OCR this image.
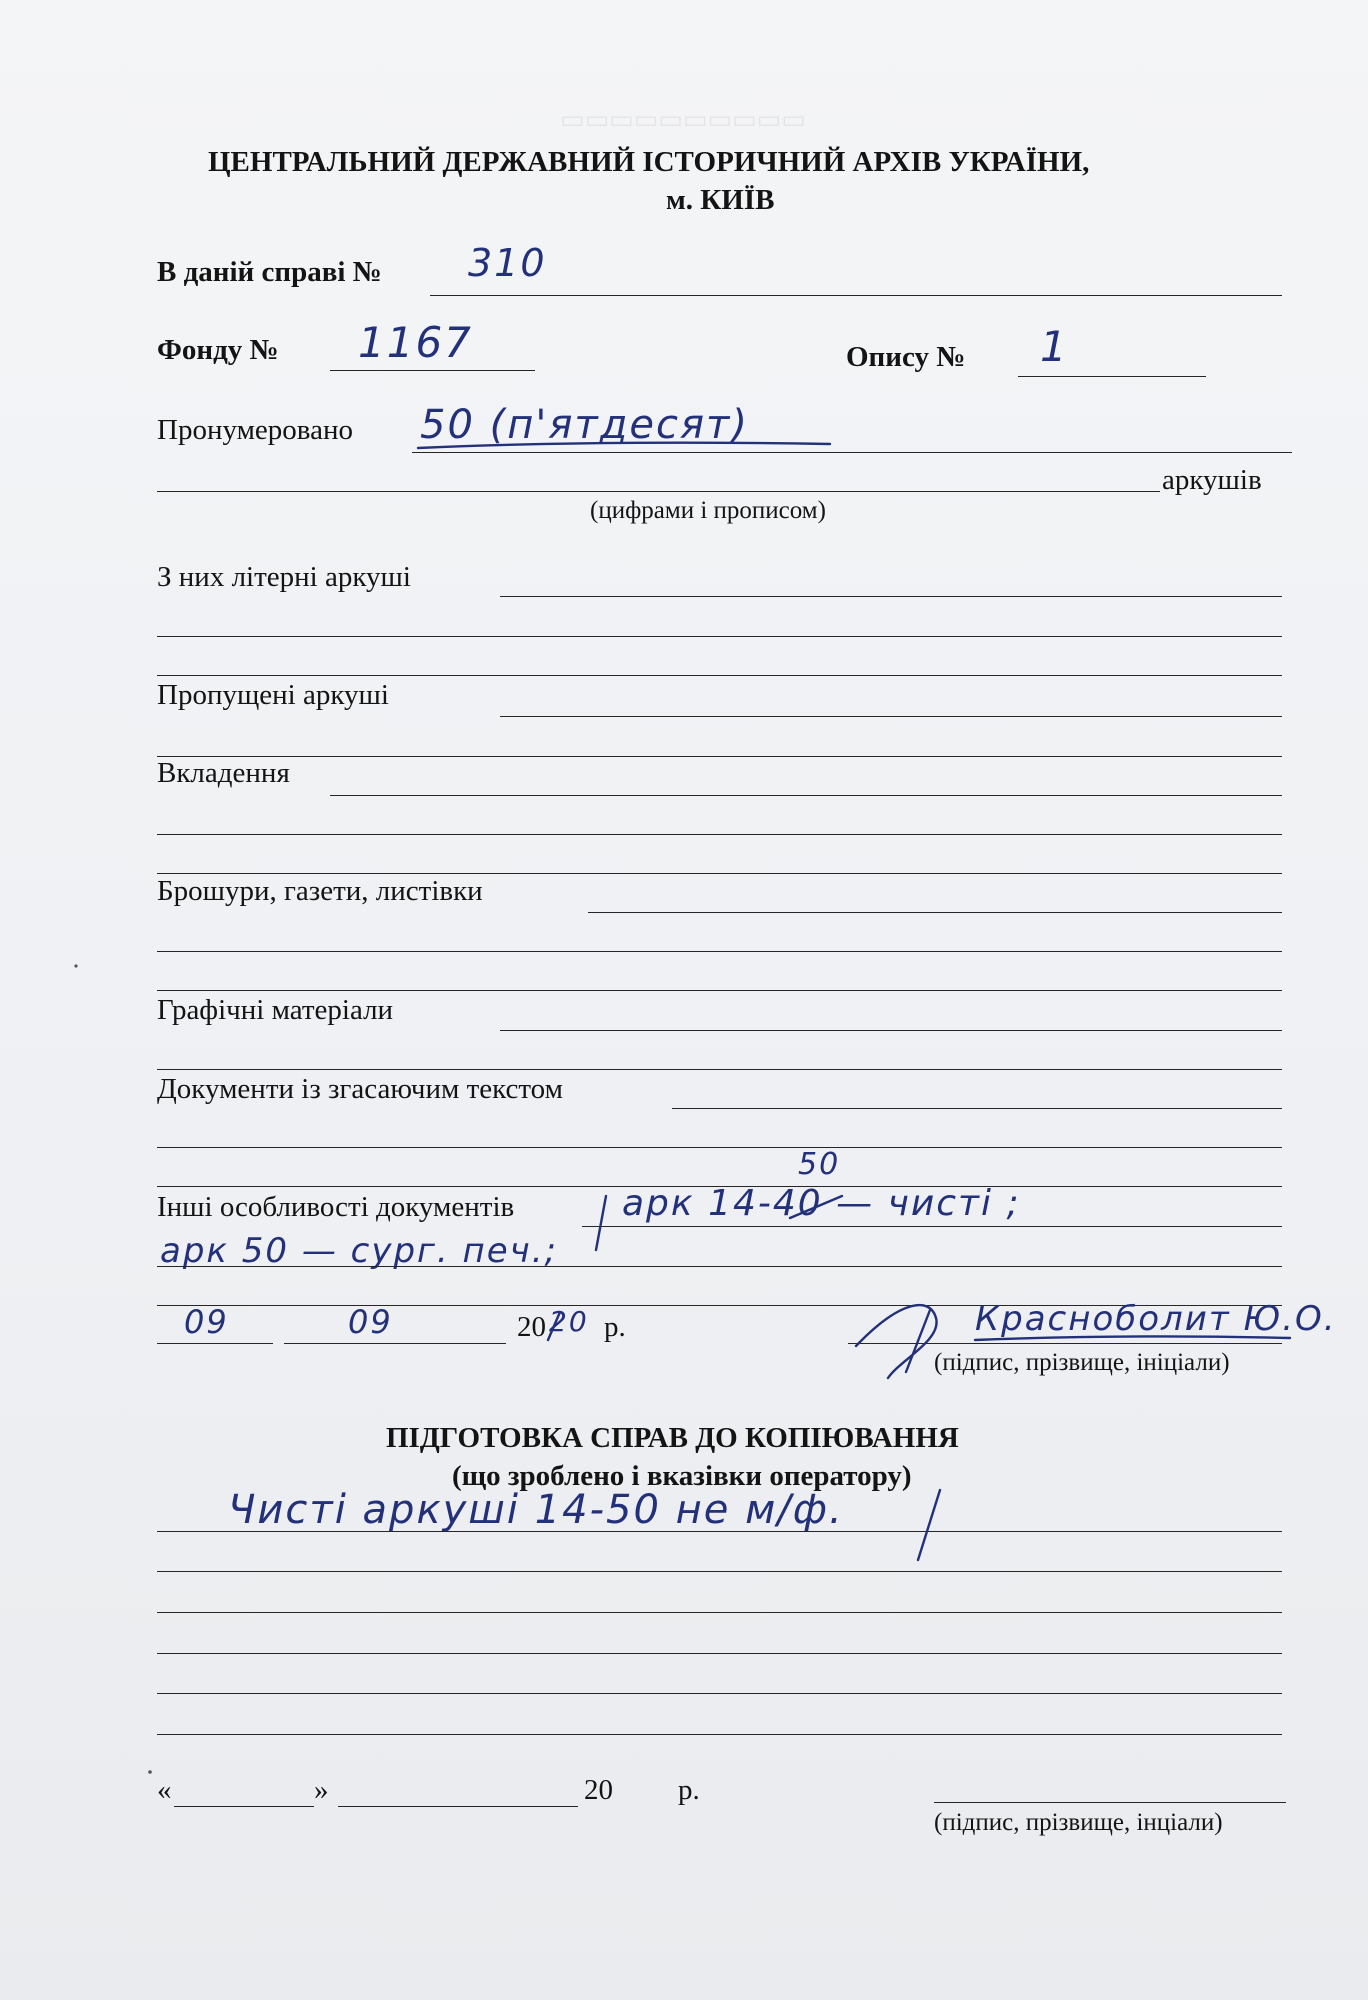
▭▭▭▭▭▭▭▭▭▭
ЦЕНТРАЛЬНИЙ ДЕРЖАВНИЙ ІСТОРИЧНИЙ АРХІВ УКРАЇНИ,
м. КИЇВ
В даній справі № 310
Фонду № 1167	Опису № 1
Пронумеровано 50 (п'ятдесят)
аркушів
(цифрами і прописом)
З них літерні аркуші
Пропущені аркуші
Вкладення
Брошури, газети, листівки
Графічні матеріали
Документи із згасаючим текстом
50
Інші особливості документів	арк 14-40 — чисті ;
арк 50 — сург. печ.;
09	09	20 20 р.	Красноболит Ю.О.
(підпис, прізвище, ініціали)
ПІДГОТОВКА СПРАВ ДО КОПІЮВАННЯ
(що зроблено і вказівки оператору)
Чисті аркуші 14-50 не м/ф.
«	»	20 р.
(підпис, прізвище, інціали)
